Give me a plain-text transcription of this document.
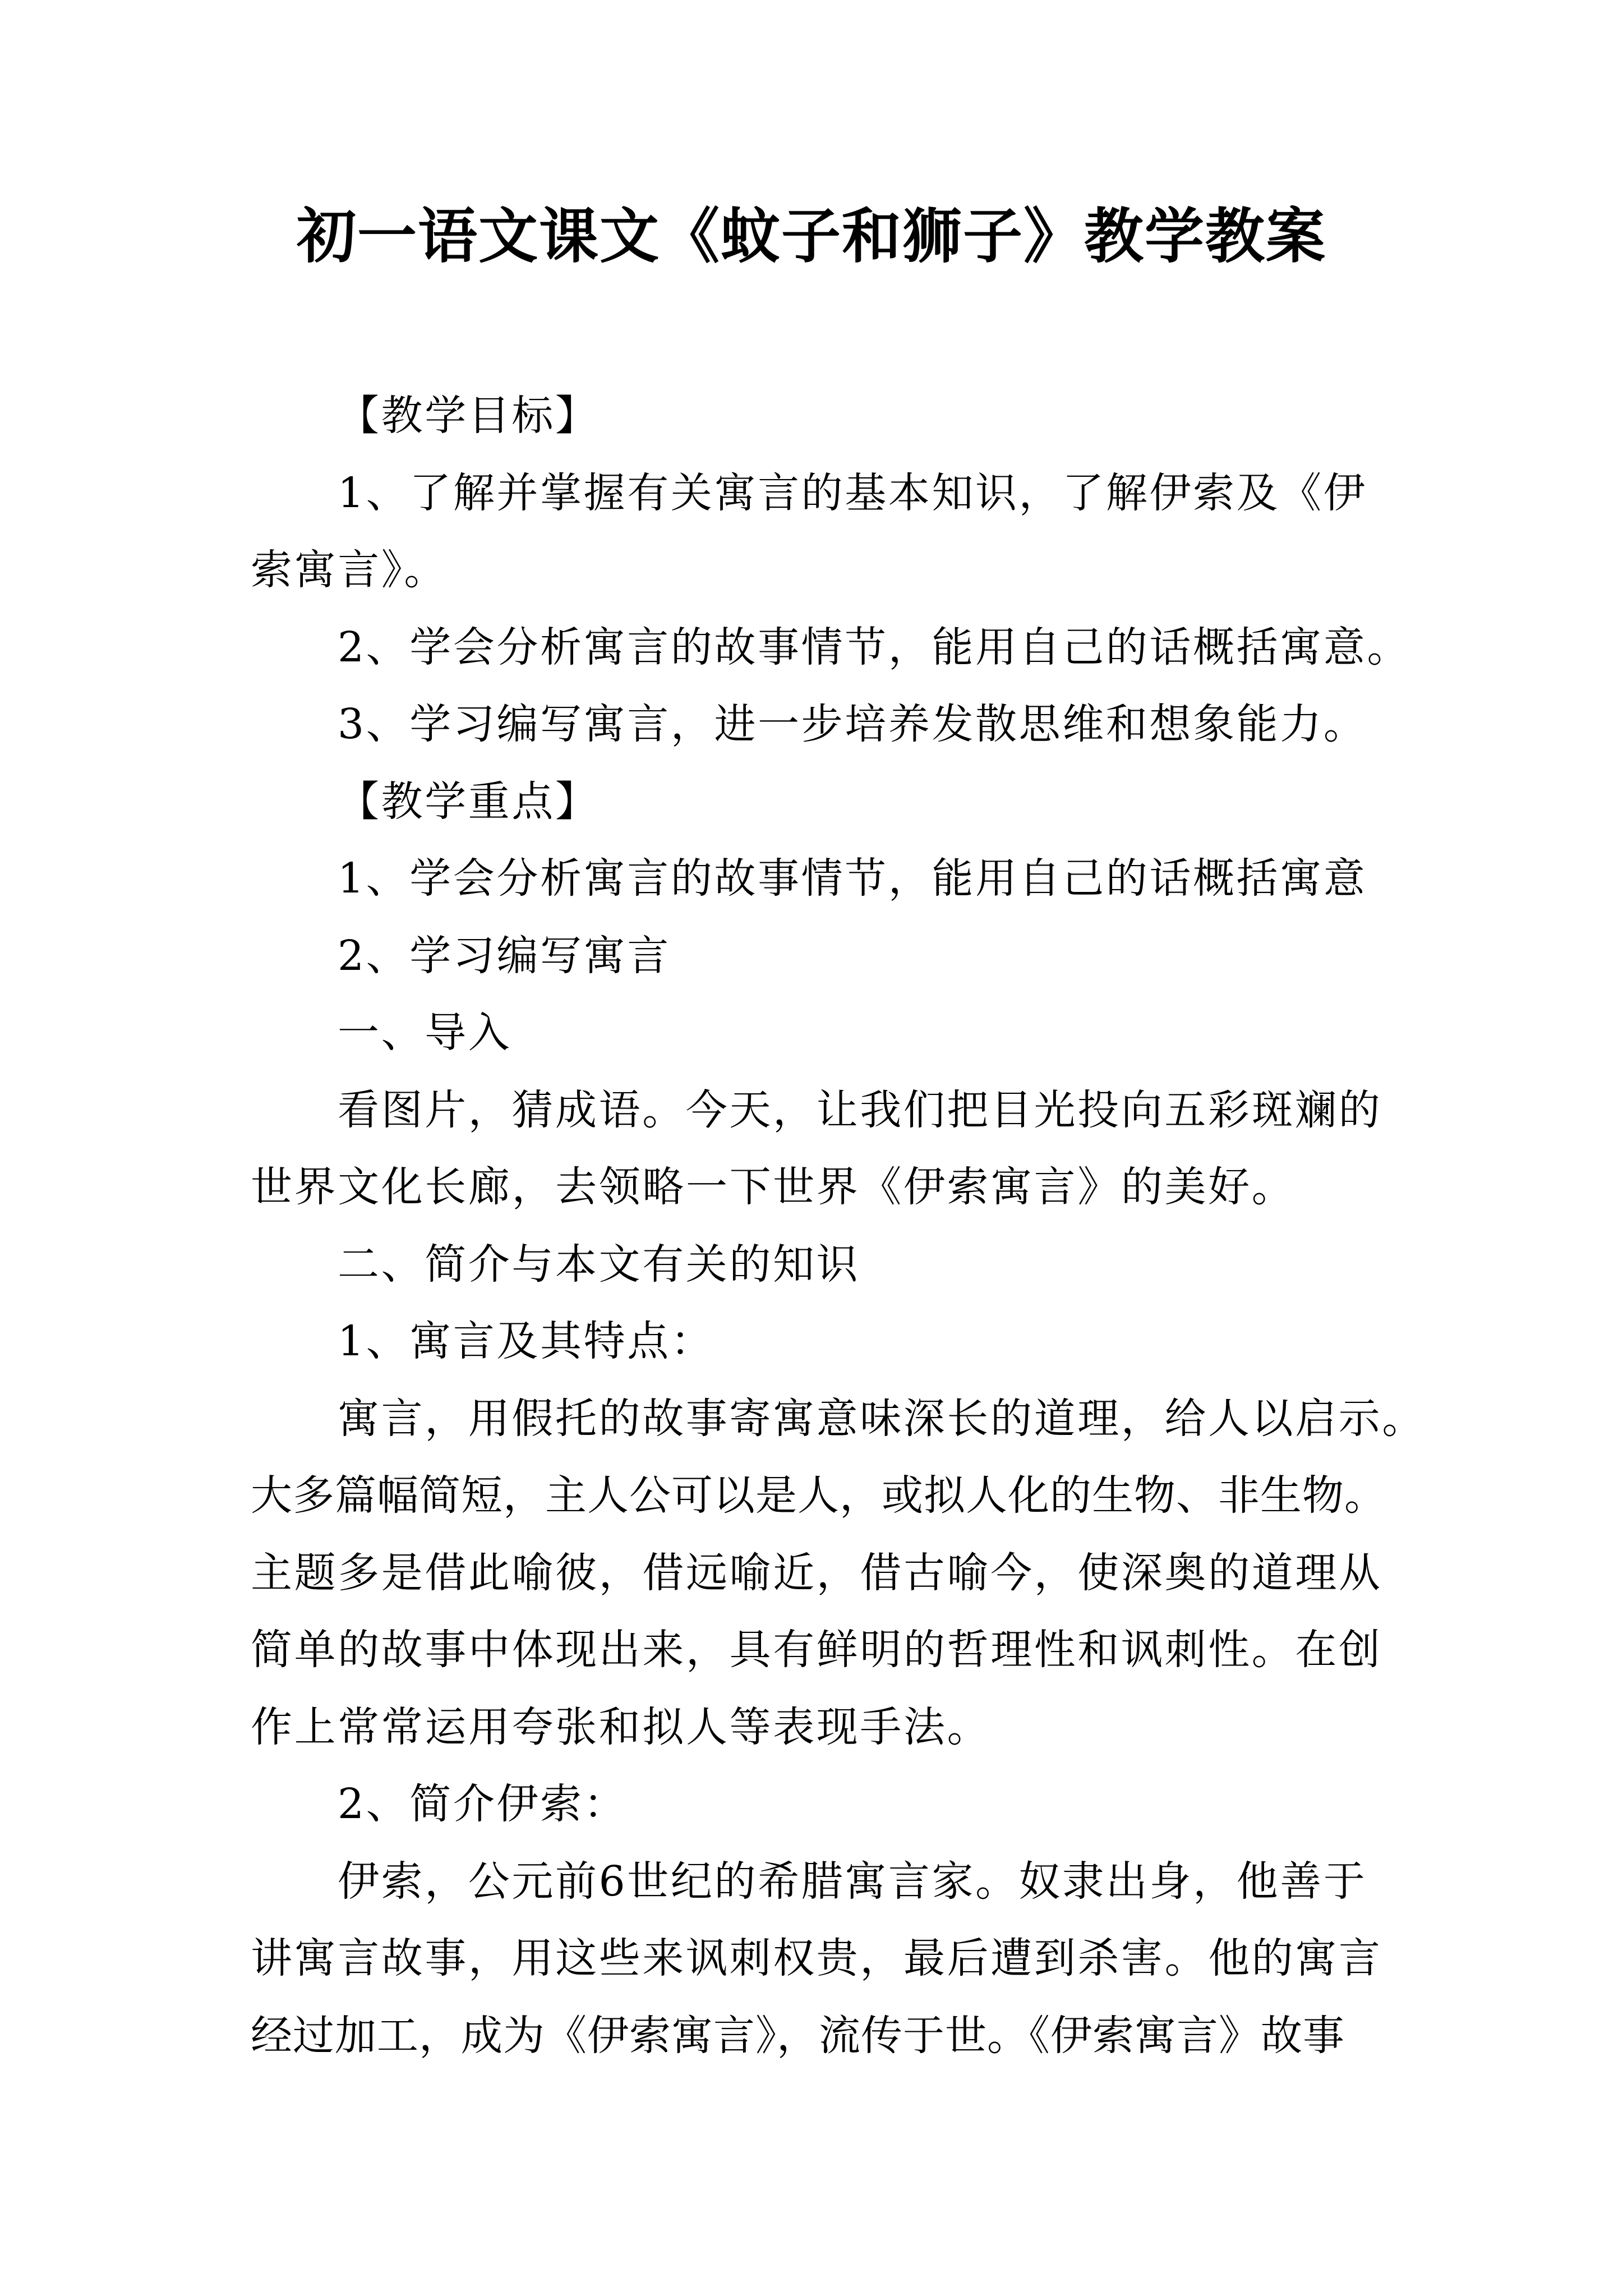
初一语文课文《蚊子和狮子》教学教案
【教学目标】
1、了解并掌握有关寓言的基本知识，了解伊索及《伊
索寓言》。
2、学会分析寓言的故事情节，能用自己的话概括寓意。
3、学习编写寓言，进一步培养发散思维和想象能力。
【教学重点】
1、学会分析寓言的故事情节，能用自己的话概括寓意
2、学习编写寓言
一、导入
看图片，猜成语。今天，让我们把目光投向五彩斑斓的
世界文化长廊，去领略一下世界《伊索寓言》的美好。
二、简介与本文有关的知识
1、寓言及其特点：
寓言，用假托的故事寄寓意味深长的道理，给人以启示。
大多篇幅简短，主人公可以是人，或拟人化的生物、非生物。
主题多是借此喻彼，借远喻近，借古喻今，使深奥的道理从
简单的故事中体现出来，具有鲜明的哲理性和讽刺性。在创
作上常常运用夸张和拟人等表现手法。
2、简介伊索：
伊索，公元前6世纪的希腊寓言家。奴隶出身，他善于
讲寓言故事，用这些来讽刺权贵，最后遭到杀害。他的寓言
经过加工，成为《伊索寓言》，流传于世。《伊索寓言》故事
